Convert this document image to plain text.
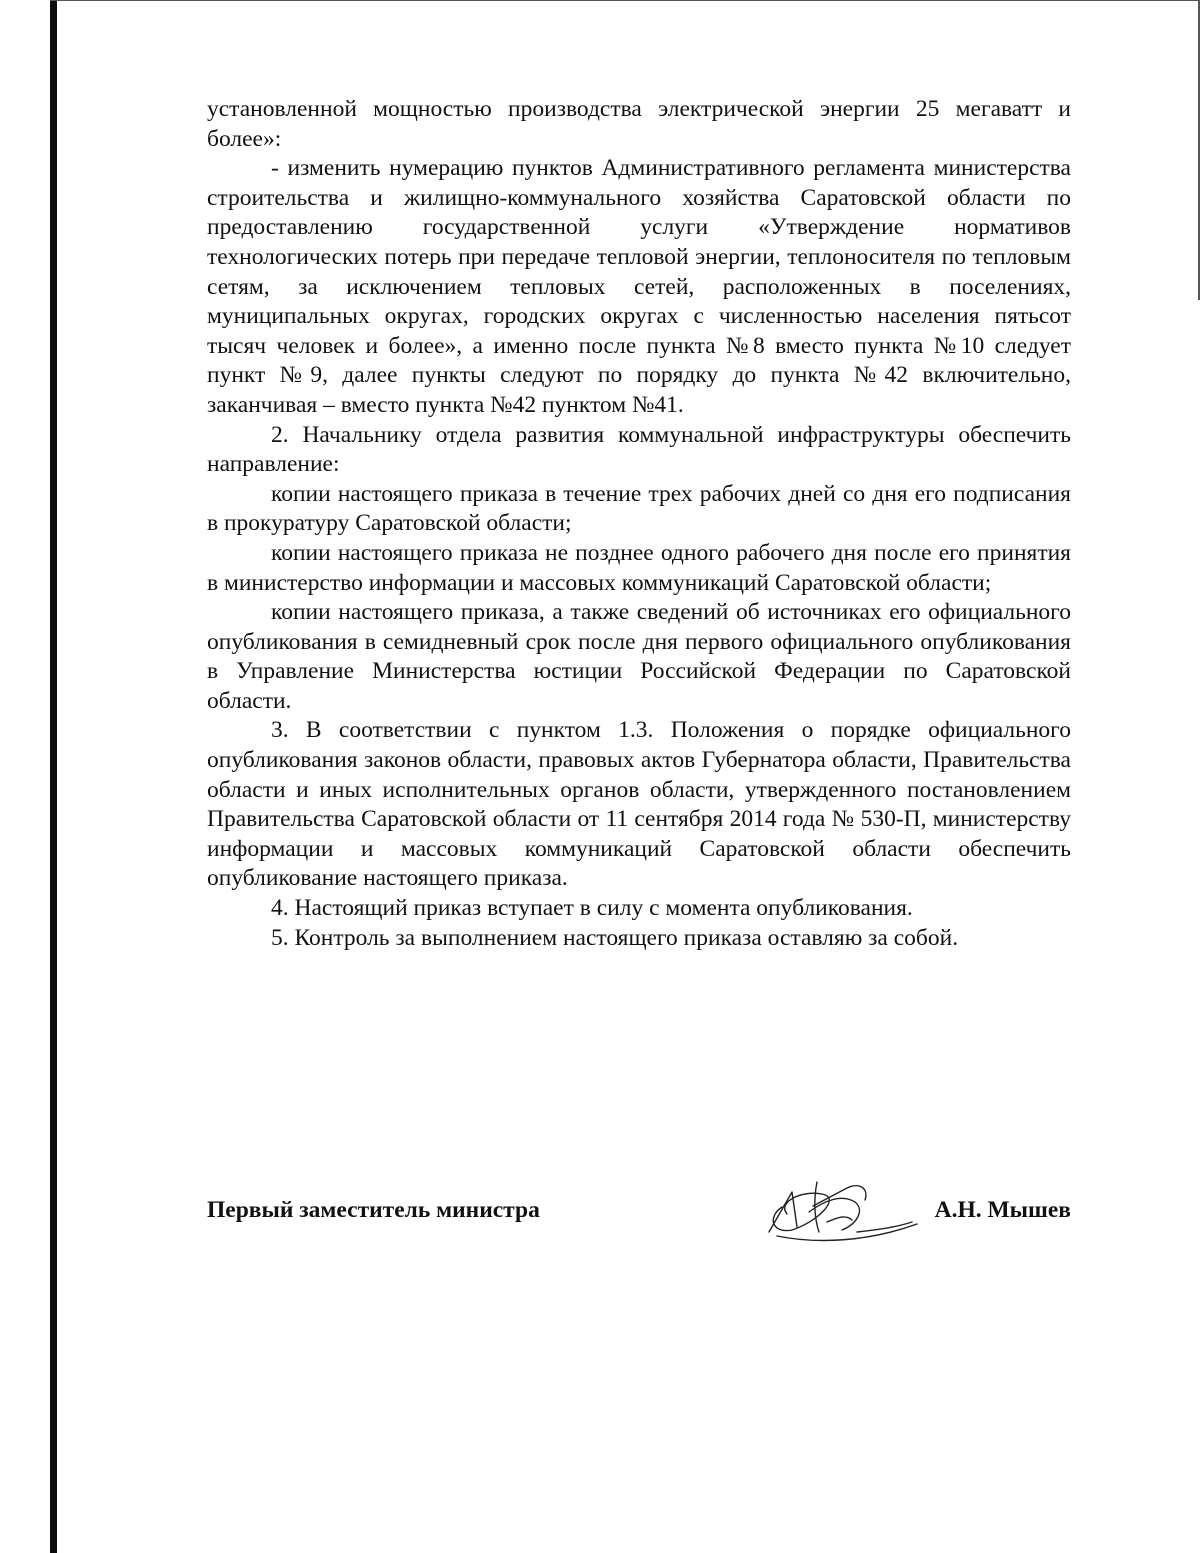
установленной мощностью производства электрической энергии 25 мегаватт и более»:

- изменить нумерацию пунктов Административного регламента министерства строительства и жилищно-коммунального хозяйства Саратовской области по предоставлению государственной услуги «Утверждение нормативов технологических потерь при передаче тепловой энергии, теплоносителя по тепловым сетям, за исключением тепловых сетей, расположенных в поселениях, муниципальных округах, городских округах с численностью населения пятьсот тысяч человек и более», а именно после пункта №8 вместо пункта №10 следует пункт №9, далее пункты следуют по порядку до пункта №42 включительно, заканчивая – вместо пункта №42 пунктом №41.

2. Начальнику отдела развития коммунальной инфраструктуры обеспечить направление:

копии настоящего приказа в течение трех рабочих дней со дня его подписания в прокуратуру Саратовской области;

копии настоящего приказа не позднее одного рабочего дня после его принятия в министерство информации и массовых коммуникаций Саратовской области;

копии настоящего приказа, а также сведений об источниках его официального опубликования в семидневный срок после дня первого официального опубликования в Управление Министерства юстиции Российской Федерации по Саратовской области.

3. В соответствии с пунктом 1.3. Положения о порядке официального опубликования законов области, правовых актов Губернатора области, Правительства области и иных исполнительных органов области, утвержденного постановлением Правительства Саратовской области от 11 сентября 2014 года № 530-П, министерству информации и массовых коммуникаций Саратовской области обеспечить опубликование настоящего приказа.

4. Настоящий приказ вступает в силу с момента опубликования.

5. Контроль за выполнением настоящего приказа оставляю за собой.

Первый заместитель министра	А.Н. Мышев
